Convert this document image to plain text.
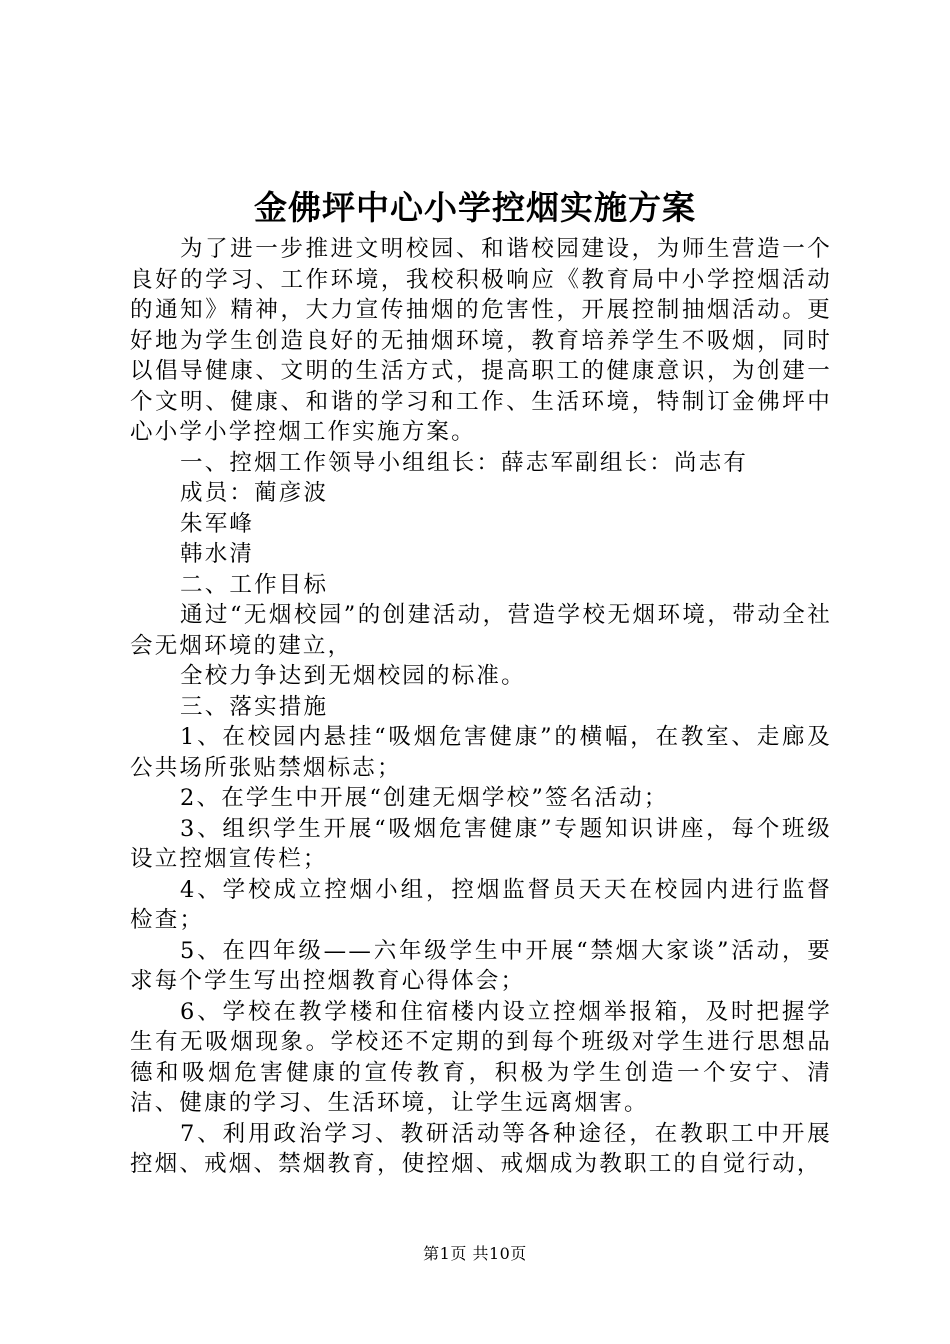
金佛坪中心小学控烟实施方案

为了进一步推进文明校园、和谐校园建设，为师生营造一个良好的学习、工作环境，我校积极响应《教育局中小学控烟活动的通知》精神，大力宣传抽烟的危害性，开展控制抽烟活动。更好地为学生创造良好的无抽烟环境，教育培养学生不吸烟，同时以倡导健康、文明的生活方式，提高职工的健康意识，为创建一个文明、健康、和谐的学习和工作、生活环境，特制订金佛坪中心小学小学控烟工作实施方案。

一、控烟工作领导小组组长：薛志军副组长：尚志有

成员：蔺彦波

朱军峰

韩水清

二、工作目标

通过“无烟校园”的创建活动，营造学校无烟环境，带动全社会无烟环境的建立，

全校力争达到无烟校园的标准。

三、落实措施

1、在校园内悬挂“吸烟危害健康”的横幅，在教室、走廊及公共场所张贴禁烟标志；

2、在学生中开展“创建无烟学校”签名活动；

3、组织学生开展“吸烟危害健康”专题知识讲座，每个班级设立控烟宣传栏；

4、学校成立控烟小组，控烟监督员天天在校园内进行监督检查；

5、在四年级——六年级学生中开展“禁烟大家谈”活动，要求每个学生写出控烟教育心得体会；

6、学校在教学楼和住宿楼内设立控烟举报箱，及时把握学生有无吸烟现象。学校还不定期的到每个班级对学生进行思想品德和吸烟危害健康的宣传教育，积极为学生创造一个安宁、清洁、健康的学习、生活环境，让学生远离烟害。

7、利用政治学习、教研活动等各种途径，在教职工中开展控烟、戒烟、禁烟教育，使控烟、戒烟成为教职工的自觉行动，

第1页 共10页
